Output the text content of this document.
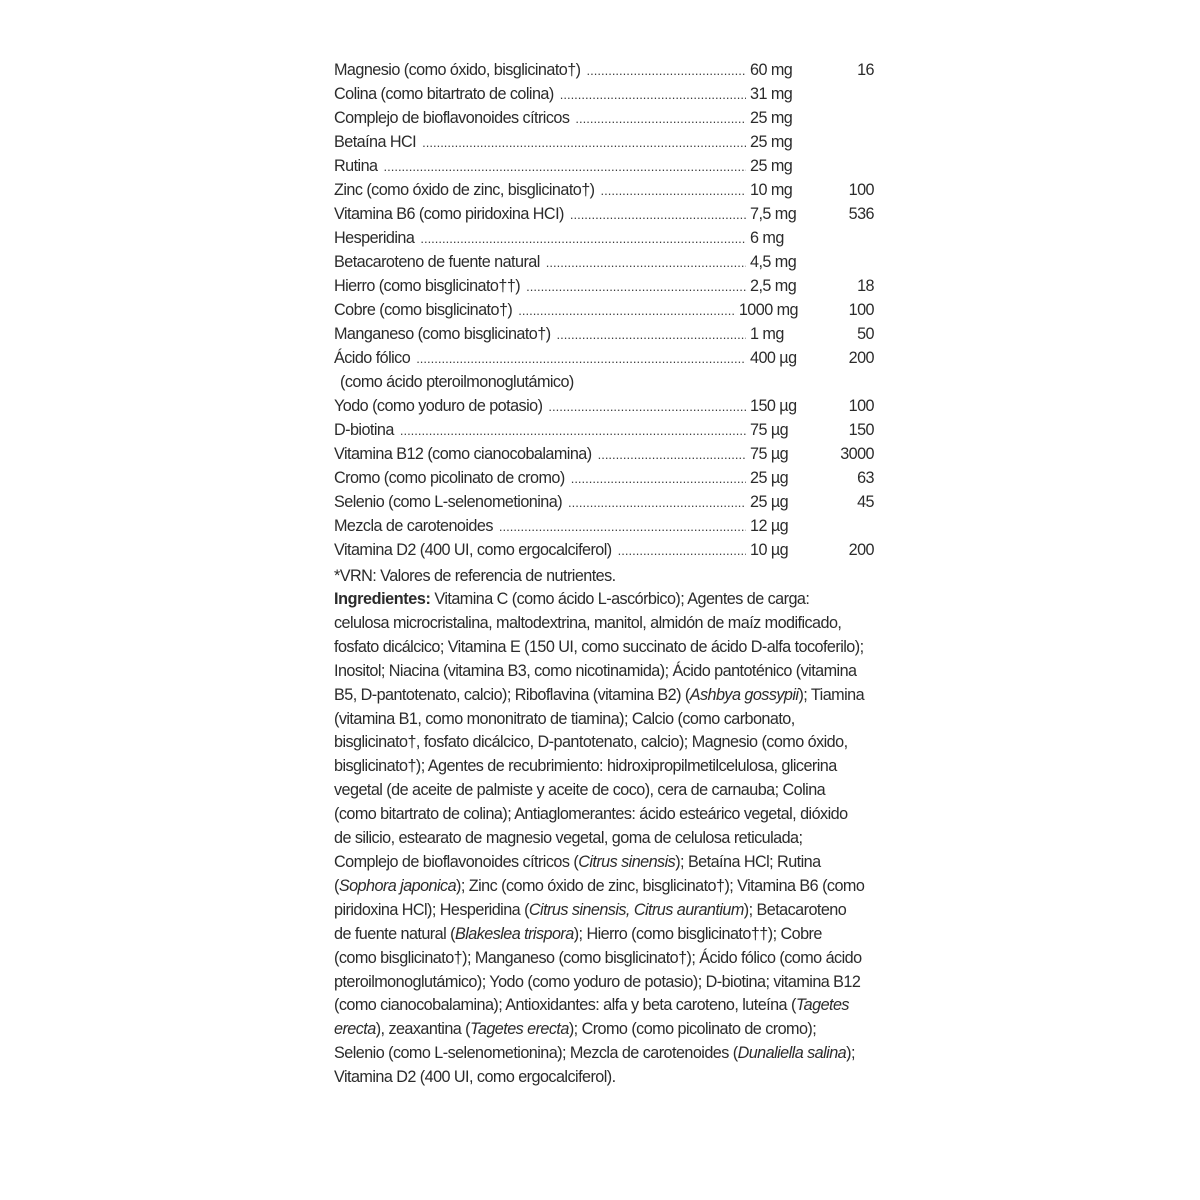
Magnesio (como óxido, bisglicinato†) .....	60 mg	16
Colina (como bitartrato de colina) .....	31 mg
Complejo de bioflavonoides cítricos .....	25 mg
Betaína HCI .....	25 mg
Rutina .....	25 mg
Zinc (como óxido de zinc, bisglicinato†) .....	10 mg	100
Vitamina B6 (como piridoxina HCI) .....	7,5 mg	536
Hesperidina .....	6 mg
Betacaroteno de fuente natural .....	4,5 mg
Hierro (como bisglicinato††) .....	2,5 mg	18
Cobre (como bisglicinato†) .....	1000 mg	100
Manganeso (como bisglicinato†) .....	1 mg	50
Ácido fólico .....	400 µg	200
(como ácido pteroilmonoglutámico)
Yodo (como yoduro de potasio) .....	150 µg	100
D-biotina .....	75 µg	150
Vitamina B12 (como cianocobalamina) .....	75 µg	3000
Cromo (como picolinato de cromo) .....	25 µg	63
Selenio (como L-selenometionina) .....	25 µg	45
Mezcla de carotenoides .....	12 µg
Vitamina D2 (400 UI, como ergocalciferol) .....	10 µg	200
*VRN: Valores de referencia de nutrientes.
Ingredientes: Vitamina C (como ácido L-ascórbico); Agentes de carga: celulosa microcristalina, maltodextrina, manitol, almidón de maíz modificado, fosfato dicálcico; Vitamina E (150 UI, como succinato de ácido D-alfa tocoferilo); Inositol; Niacina (vitamina B3, como nicotinamida); Ácido pantoténico (vitamina B5, D-pantotenato, calcio); Riboflavina (vitamina B2) (Ashbya gossypii); Tiamina (vitamina B1, como mononitrato de tiamina); Calcio (como carbonato, bisglicinato†, fosfato dicálcico, D-pantotenato, calcio); Magnesio (como óxido, bisglicinato†); Agentes de recubrimiento: hidroxipropilmetilcelulosa, glicerina vegetal (de aceite de palmiste y aceite de coco), cera de carnauba; Colina (como bitartrato de colina); Antiaglomerantes: ácido esteárico vegetal, dióxido de silicio, estearato de magnesio vegetal, goma de celulosa reticulada; Complejo de bioflavonoides cítricos (Citrus sinensis); Betaína HCl; Rutina (Sophora japonica); Zinc (como óxido de zinc, bisglicinato†); Vitamina B6 (como piridoxina HCl); Hesperidina (Citrus sinensis, Citrus aurantium); Betacaroteno de fuente natural (Blakeslea trispora); Hierro (como bisglicinato††); Cobre (como bisglicinato†); Manganeso (como bisglicinato†); Ácido fólico (como ácido pteroilmonoglutámico); Yodo (como yoduro de potasio); D-biotina; vitamina B12 (como cianocobalamina); Antioxidantes: alfa y beta caroteno, luteína (Tagetes erecta), zeaxantina (Tagetes erecta); Cromo (como picolinato de cromo); Selenio (como L-selenometionina); Mezcla de carotenoides (Dunaliella salina); Vitamina D2 (400 UI, como ergocalciferol).
